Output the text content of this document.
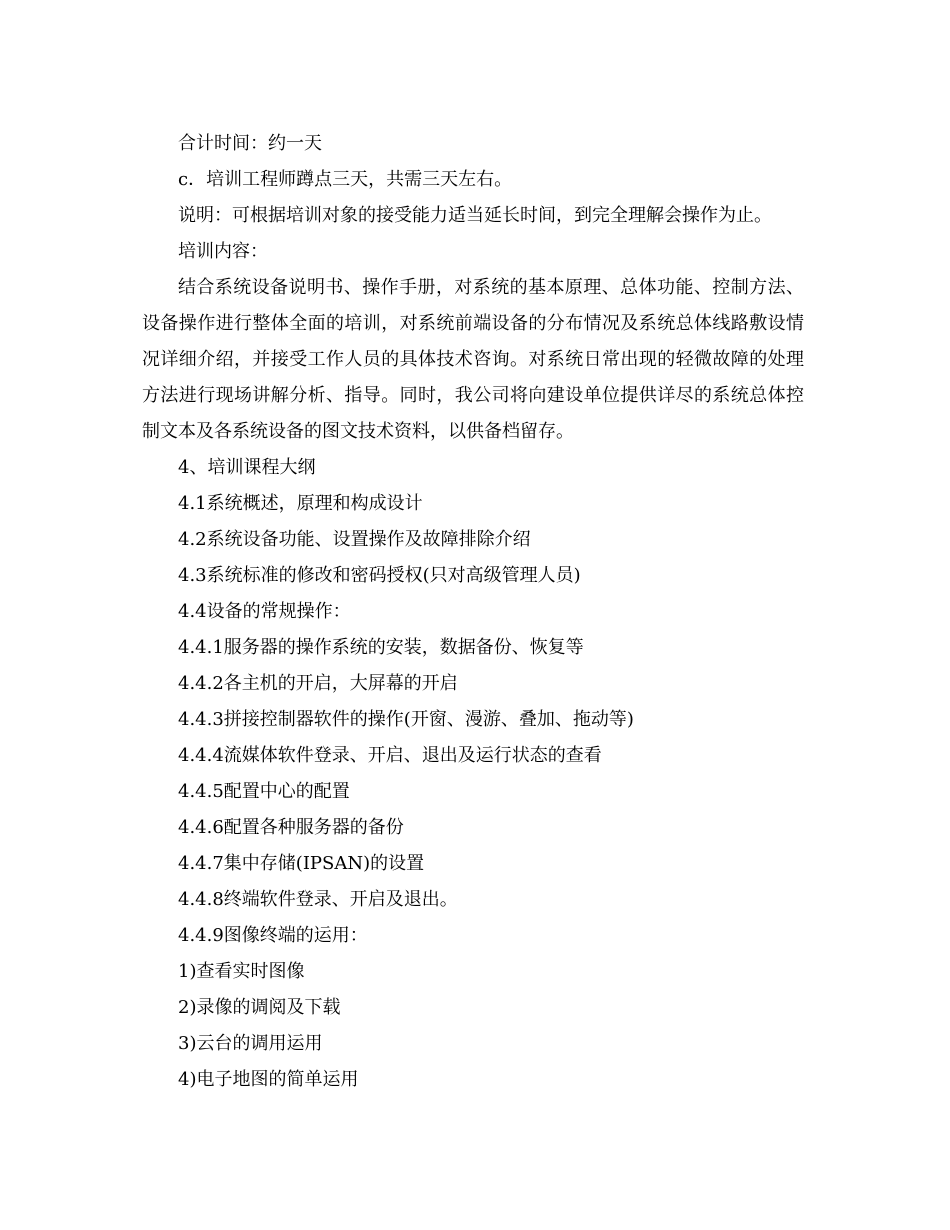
合计时间：约一天

c．培训工程师蹲点三天，共需三天左右。

说明：可根据培训对象的接受能力适当延长时间，到完全理解会操作为止。

培训内容：

结合系统设备说明书、操作手册，对系统的基本原理、总体功能、控制方法、设备操作进行整体全面的培训，对系统前端设备的分布情况及系统总体线路敷设情况详细介绍，并接受工作人员的具体技术咨询。对系统日常出现的轻微故障的处理方法进行现场讲解分析、指导。同时，我公司将向建设单位提供详尽的系统总体控制文本及各系统设备的图文技术资料，以供备档留存。

4、培训课程大纲

4.1系统概述，原理和构成设计

4.2系统设备功能、设置操作及故障排除介绍

4.3系统标准的修改和密码授权(只对高级管理人员)

4.4设备的常规操作：

4.4.1服务器的操作系统的安装，数据备份、恢复等

4.4.2各主机的开启，大屏幕的开启

4.4.3拼接控制器软件的操作(开窗、漫游、叠加、拖动等)

4.4.4流媒体软件登录、开启、退出及运行状态的查看

4.4.5配置中心的配置

4.4.6配置各种服务器的备份

4.4.7集中存储(IPSAN)的设置

4.4.8终端软件登录、开启及退出。

4.4.9图像终端的运用：

1)查看实时图像

2)录像的调阅及下载

3)云台的调用运用

4)电子地图的简单运用
